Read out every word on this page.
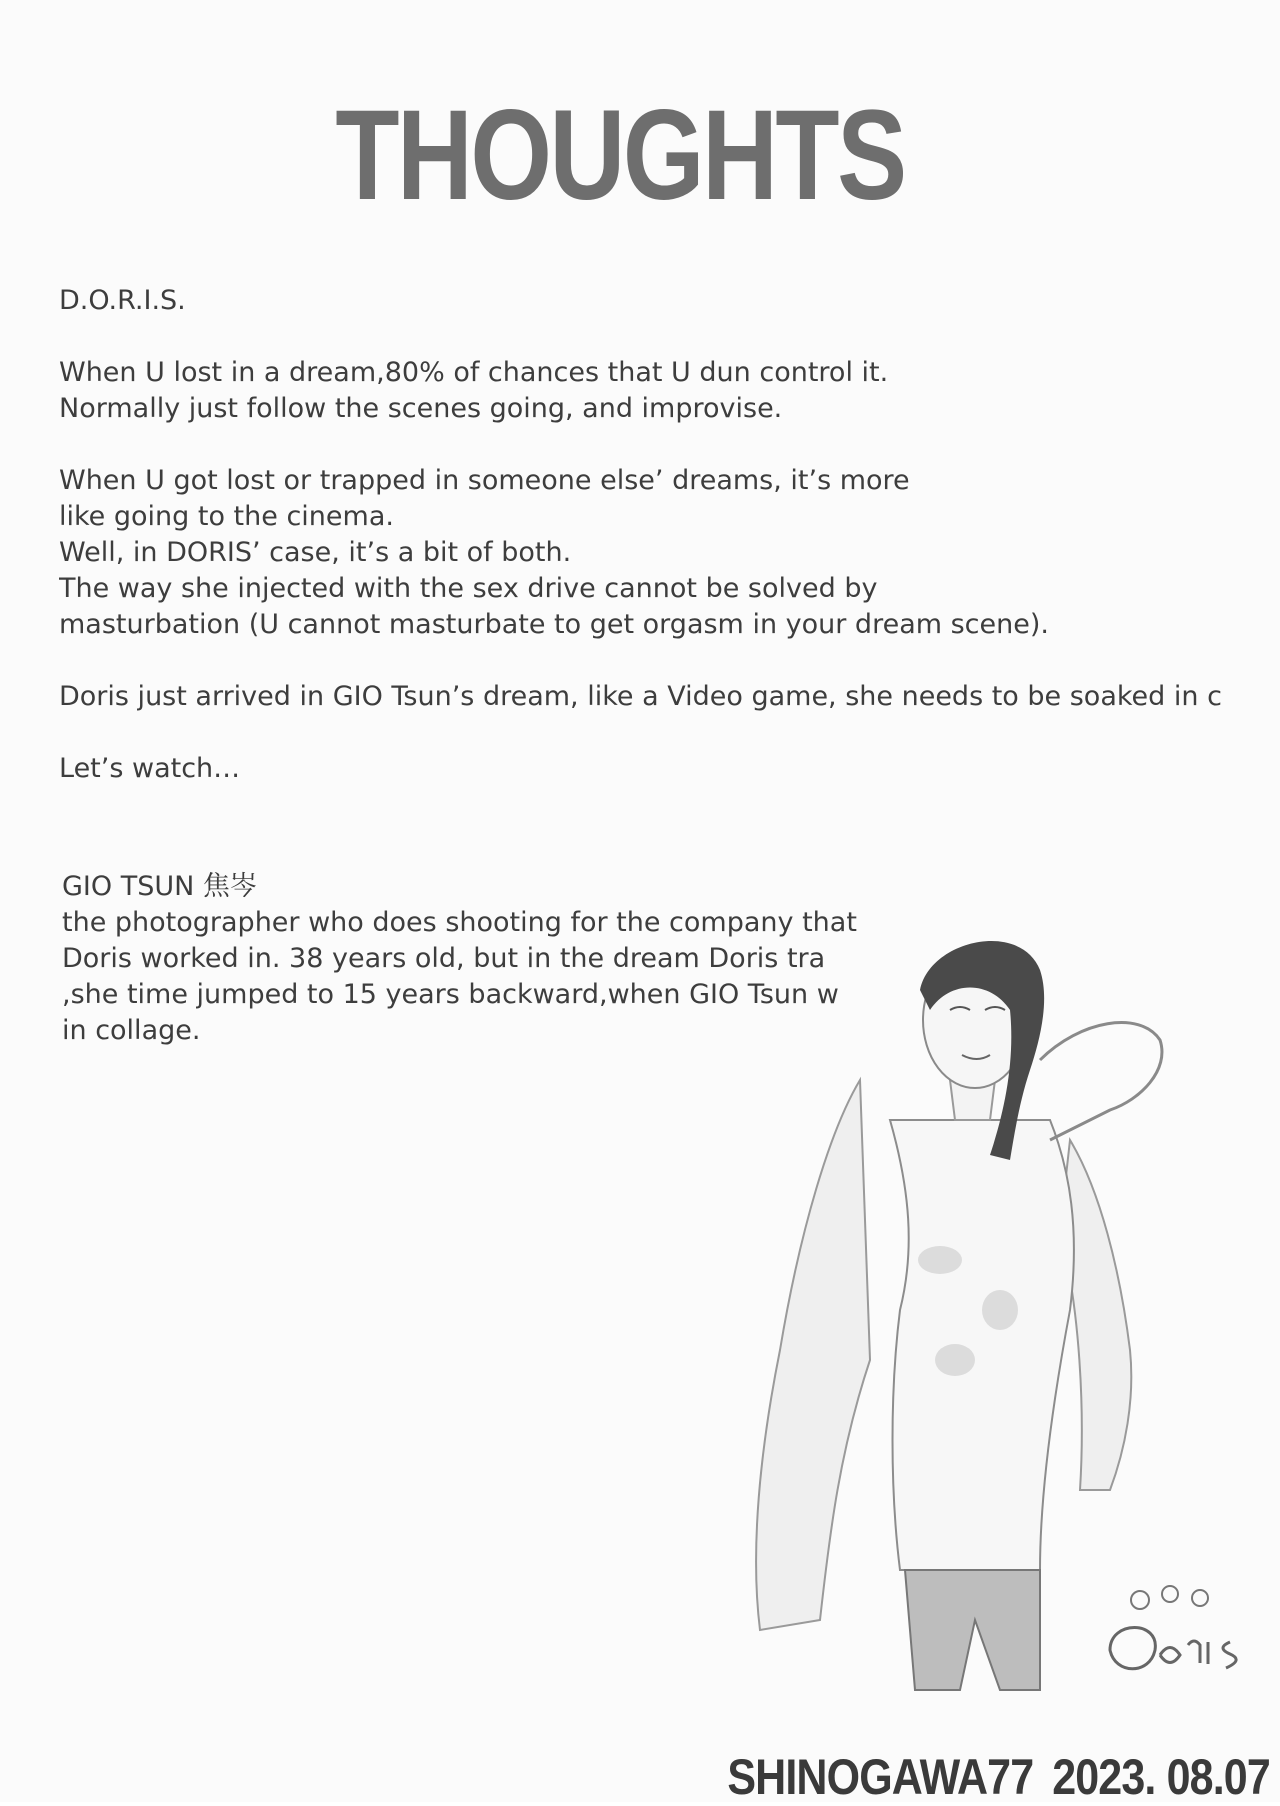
THOUGHTS
D.O.R.I.S.
When U lost in a dream,80% of chances that U dun control it.
Normally just follow the scenes going, and improvise.
When U got lost or trapped in someone else’ dreams, it’s more
like going to the cinema.
Well, in DORIS’ case, it’s a bit of both.
The way she injected with the sex drive cannot be solved by
masturbation (U cannot masturbate to get orgasm in your dream scene).
Doris just arrived in GIO Tsun’s dream, like a Video game, she needs to be soaked in c
Let’s watch…
GIO TSUN 焦岑
the photographer who does shooting for the company that
Doris worked in. 38 years old, but in the dream Doris tra
,she time jumped to 15 years backward,when GIO Tsun w
in collage.
SHINOGAWA77 2023. 08.07
